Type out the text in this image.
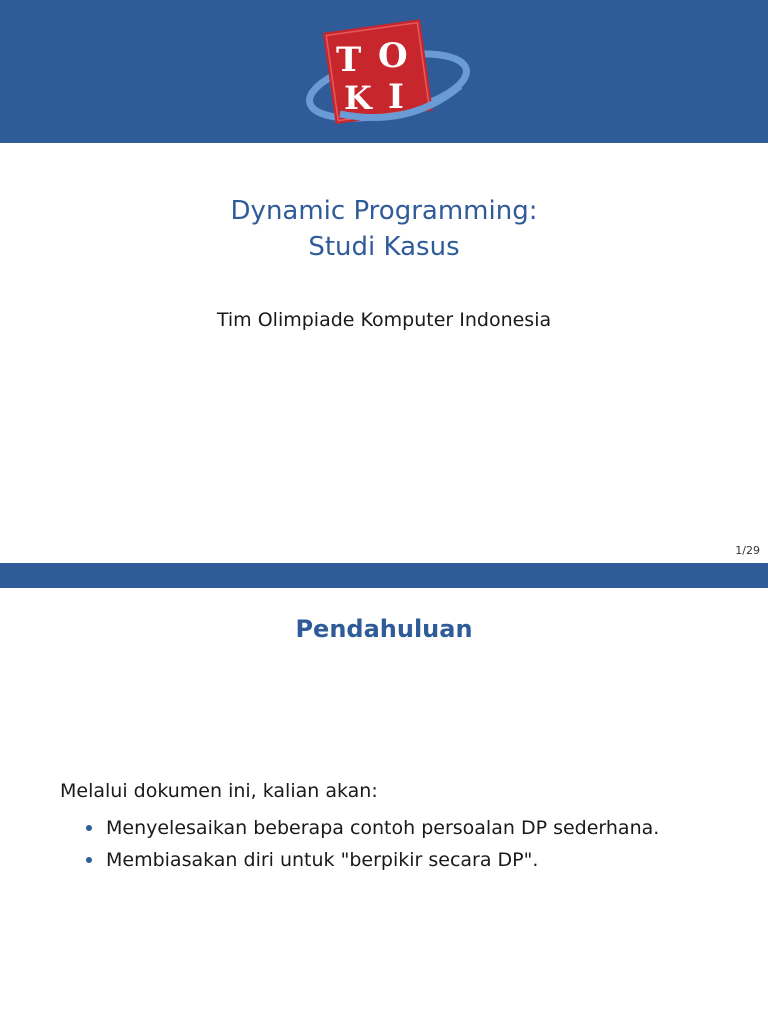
T O
K I
Dynamic Programming:
Studi Kasus
Tim Olimpiade Komputer Indonesia
1/29
Pendahuluan
Melalui dokumen ini, kalian akan:
Menyelesaikan beberapa contoh persoalan DP sederhana.
Membiasakan diri untuk "berpikir secara DP".
